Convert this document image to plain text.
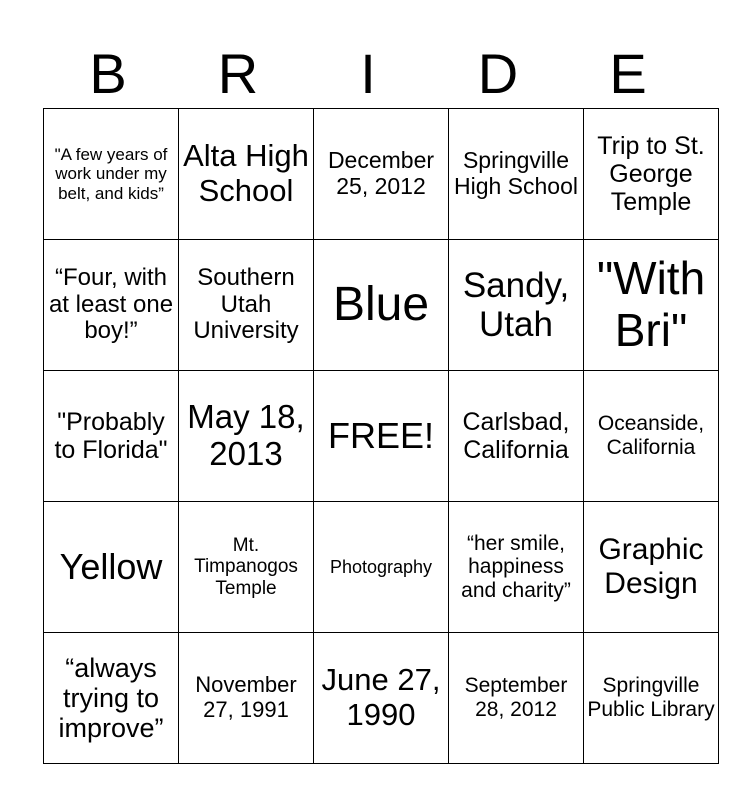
B	R	I	D	E
"A few years of work under my belt, and kids”	Alta High School	December 25, 2012	Springville High School	Trip to St. George Temple
“Four, with at least one boy!”	Southern Utah University	Blue	Sandy, Utah	"With Bri"
"Probably to Florida"	May 18, 2013	FREE!	Carlsbad, California	Oceanside, California
Yellow	Mt. Timpanogos Temple	Photography	“her smile, happiness and charity”	Graphic Design
“always trying to improve”	November 27, 1991	June 27, 1990	September 28, 2012	Springville Public Library
